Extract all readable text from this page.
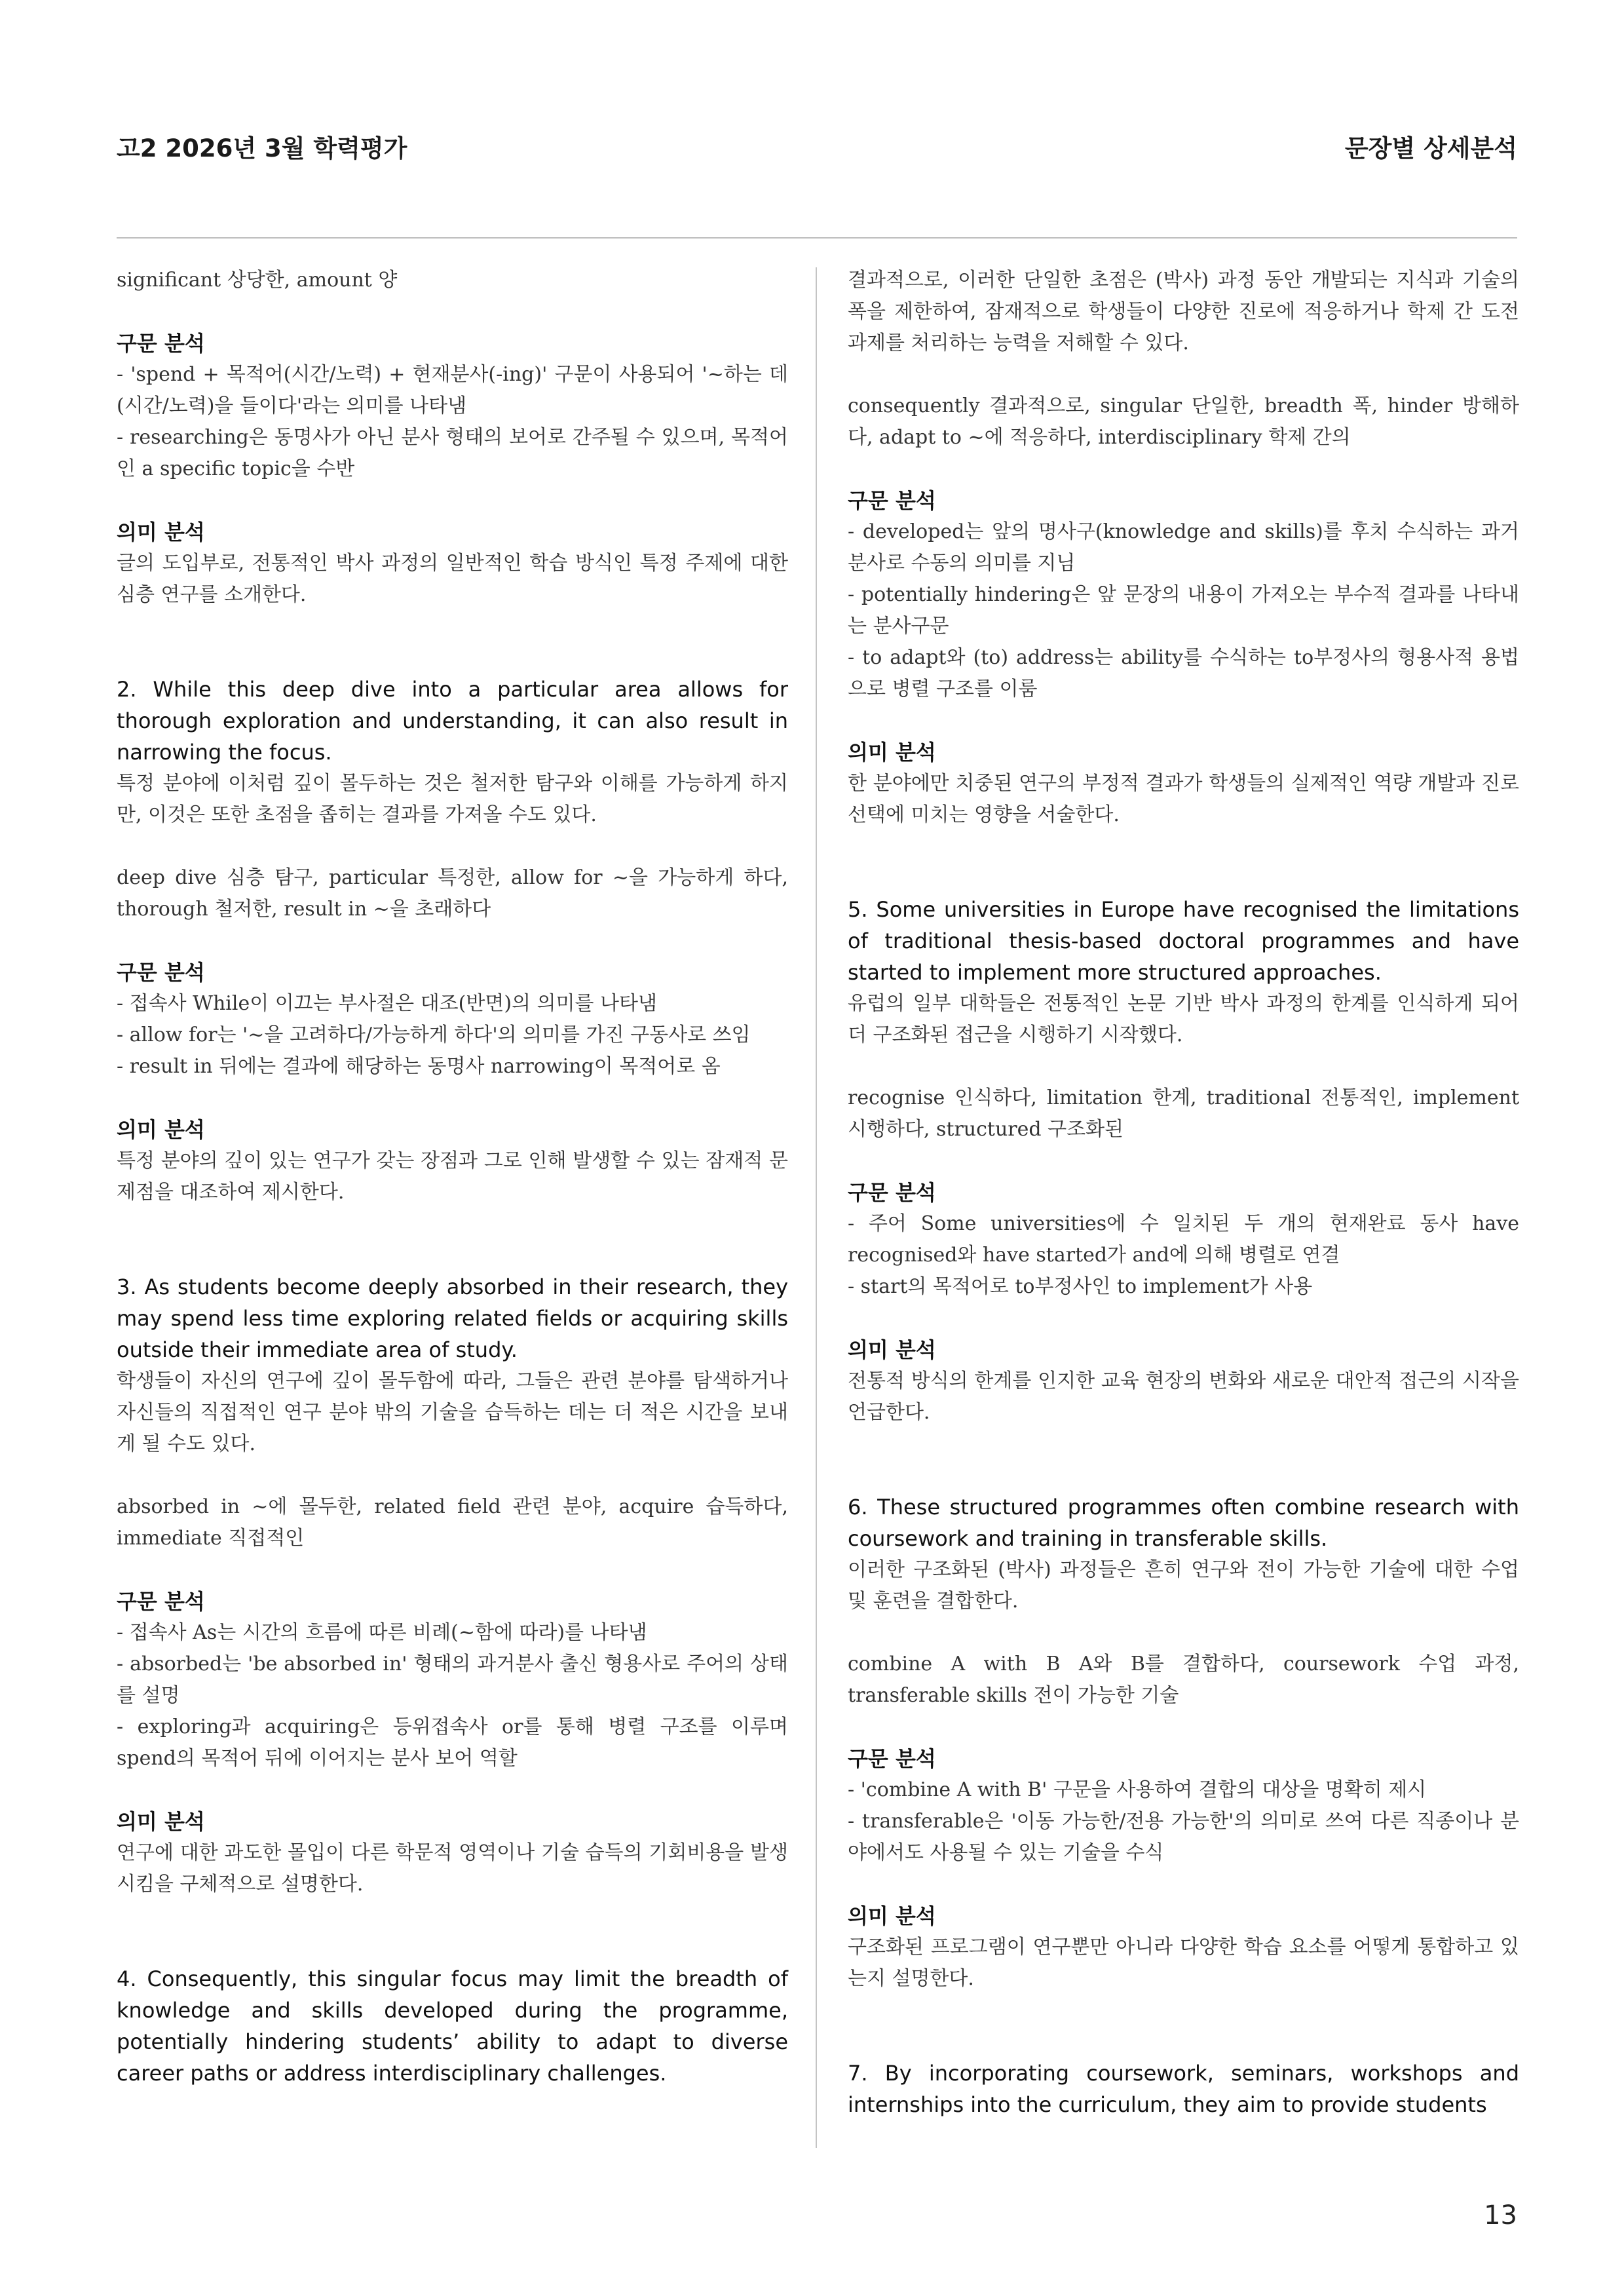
고2 2026년 3월 학력평가	문장별 상세분석

significant 상당한, amount 양

구문 분석

- 'spend + 목적어(시간/노력) + 현재분사(-ing)' 구문이 사용되어 '~하는 데 (시간/노력)을 들이다'라는 의미를 나타냄

- researching은 동명사가 아닌 분사 형태의 보어로 간주될 수 있으며, 목적어인 a specific topic을 수반

의미 분석

글의 도입부로, 전통적인 박사 과정의 일반적인 학습 방식인 특정 주제에 대한 심층 연구를 소개한다.

2. While this deep dive into a particular area allows for thorough exploration and understanding, it can also result in narrowing the focus.

특정 분야에 이처럼 깊이 몰두하는 것은 철저한 탐구와 이해를 가능하게 하지만, 이것은 또한 초점을 좁히는 결과를 가져올 수도 있다.

deep dive 심층 탐구, particular 특정한, allow for ~을 가능하게 하다, thorough 철저한, result in ~을 초래하다

구문 분석

- 접속사 While이 이끄는 부사절은 대조(반면)의 의미를 나타냄

- allow for는 '~을 고려하다/가능하게 하다'의 의미를 가진 구동사로 쓰임

- result in 뒤에는 결과에 해당하는 동명사 narrowing이 목적어로 옴

의미 분석

특정 분야의 깊이 있는 연구가 갖는 장점과 그로 인해 발생할 수 있는 잠재적 문제점을 대조하여 제시한다.

3. As students become deeply absorbed in their research, they may spend less time exploring related fields or acquiring skills outside their immediate area of study.

학생들이 자신의 연구에 깊이 몰두함에 따라, 그들은 관련 분야를 탐색하거나 자신들의 직접적인 연구 분야 밖의 기술을 습득하는 데는 더 적은 시간을 보내게 될 수도 있다.

absorbed in ~에 몰두한, related field 관련 분야, acquire 습득하다, immediate 직접적인

구문 분석

- 접속사 As는 시간의 흐름에 따른 비례(~함에 따라)를 나타냄

- absorbed는 'be absorbed in' 형태의 과거분사 출신 형용사로 주어의 상태를 설명

- exploring과 acquiring은 등위접속사 or를 통해 병렬 구조를 이루며 spend의 목적어 뒤에 이어지는 분사 보어 역할

의미 분석

연구에 대한 과도한 몰입이 다른 학문적 영역이나 기술 습득의 기회비용을 발생시킴을 구체적으로 설명한다.

4. Consequently, this singular focus may limit the breadth of knowledge and skills developed during the programme, potentially hindering students’ ability to adapt to diverse career paths or address interdisciplinary challenges.

결과적으로, 이러한 단일한 초점은 (박사) 과정 동안 개발되는 지식과 기술의 폭을 제한하여, 잠재적으로 학생들이 다양한 진로에 적응하거나 학제 간 도전 과제를 처리하는 능력을 저해할 수 있다.

consequently 결과적으로, singular 단일한, breadth 폭, hinder 방해하다, adapt to ~에 적응하다, interdisciplinary 학제 간의

구문 분석

- developed는 앞의 명사구(knowledge and skills)를 후치 수식하는 과거분사로 수동의 의미를 지님

- potentially hindering은 앞 문장의 내용이 가져오는 부수적 결과를 나타내는 분사구문

- to adapt와 (to) address는 ability를 수식하는 to부정사의 형용사적 용법으로 병렬 구조를 이룸

의미 분석

한 분야에만 치중된 연구의 부정적 결과가 학생들의 실제적인 역량 개발과 진로 선택에 미치는 영향을 서술한다.

5. Some universities in Europe have recognised the limitations of traditional thesis‑based doctoral programmes and have started to implement more structured approaches.

유럽의 일부 대학들은 전통적인 논문 기반 박사 과정의 한계를 인식하게 되어 더 구조화된 접근을 시행하기 시작했다.

recognise 인식하다, limitation 한계, traditional 전통적인, implement 시행하다, structured 구조화된

구문 분석

- 주어 Some universities에 수 일치된 두 개의 현재완료 동사 have recognised와 have started가 and에 의해 병렬로 연결

- start의 목적어로 to부정사인 to implement가 사용

의미 분석

전통적 방식의 한계를 인지한 교육 현장의 변화와 새로운 대안적 접근의 시작을 언급한다.

6. These structured programmes often combine research with coursework and training in transferable skills.

이러한 구조화된 (박사) 과정들은 흔히 연구와 전이 가능한 기술에 대한 수업 및 훈련을 결합한다.

combine A with B A와 B를 결합하다, coursework 수업 과정, transferable skills 전이 가능한 기술

구문 분석

- 'combine A with B' 구문을 사용하여 결합의 대상을 명확히 제시

- transferable은 '이동 가능한/전용 가능한'의 의미로 쓰여 다른 직종이나 분야에서도 사용될 수 있는 기술을 수식

의미 분석

구조화된 프로그램이 연구뿐만 아니라 다양한 학습 요소를 어떻게 통합하고 있는지 설명한다.

7. By incorporating coursework, seminars, workshops and internships into the curriculum, they aim to provide students

13
